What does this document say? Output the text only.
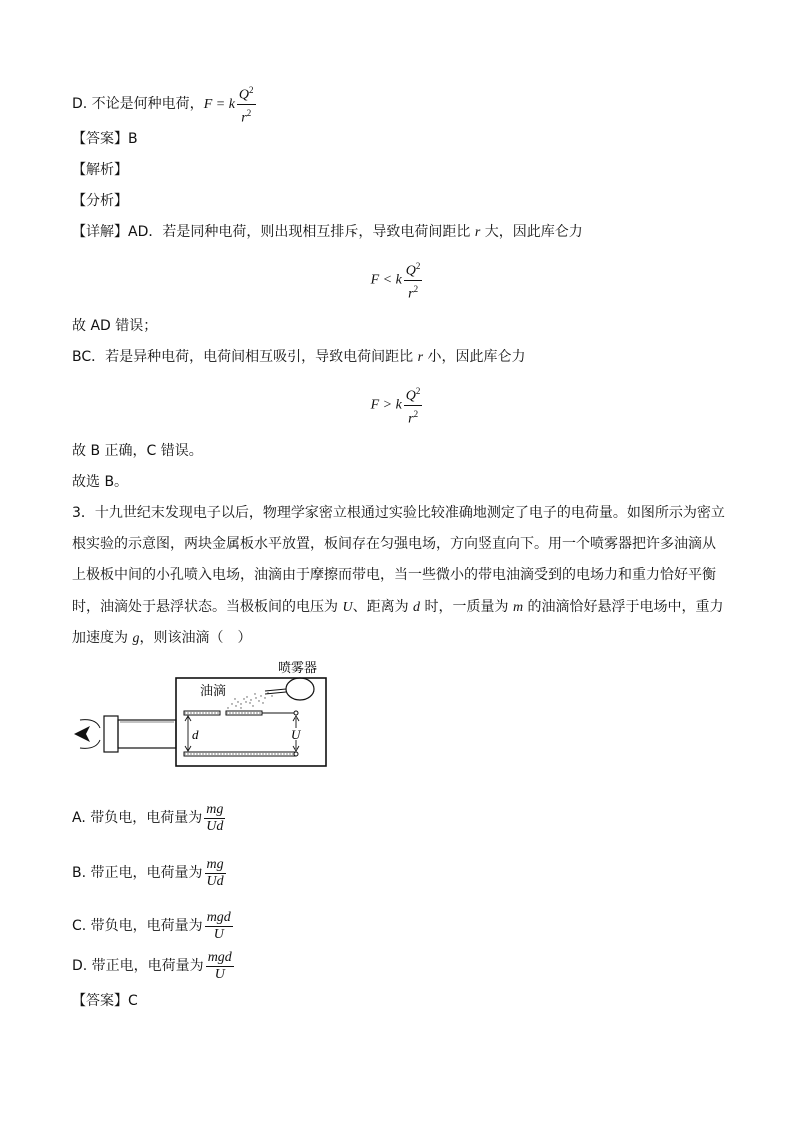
D. 不论是何种电荷，F = k $\frac{Q^2}{r^2}$
【答案】B
【解析】
【分析】
【详解】AD．若是同种电荷，则出现相互排斥，导致电荷间距比 r 大，因此库仑力
F < k $\frac{Q^2}{r^2}$
故 AD 错误；
BC．若是异种电荷，电荷间相互吸引，导致电荷间距比 r 小，因此库仑力
F > k $\frac{Q^2}{r^2}$
故 B 正确，C 错误。
故选 B。
3．十九世纪末发现电子以后，物理学家密立根通过实验比较准确地测定了电子的电荷量。如图所示为密立
根实验的示意图，两块金属板水平放置，板间存在匀强电场，方向竖直向下。用一个喷雾器把许多油滴从
上极板中间的小孔喷入电场，油滴由于摩擦而带电，当一些微小的带电油滴受到的电场力和重力恰好平衡
时，油滴处于悬浮状态。当极板间的电压为 U、距离为 d 时，一质量为 m 的油滴恰好悬浮于电场中，重力
加速度为 g，则该油滴（　）
U
d
油滴
喷雾器
A. 带负电，电荷量为 $\frac{mg}{Ud}$
B. 带正电，电荷量为 $\frac{mg}{Ud}$
C. 带负电，电荷量为 $\frac{\text{mgd}}{U}$
D. 带正电，电荷量为 $\frac{\text{mgd}}{U}$
【答案】C
